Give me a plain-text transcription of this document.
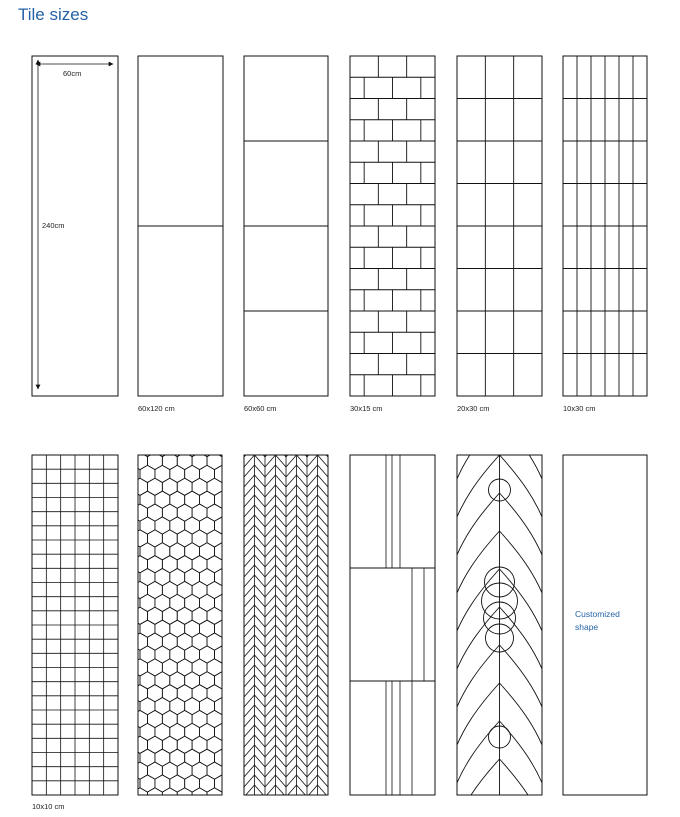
Tile sizes
60cm
240cm
60x120 cm	60x60 cm	30x15 cm	20x30 cm	10x30 cm
10x10 cm
Customized shape
